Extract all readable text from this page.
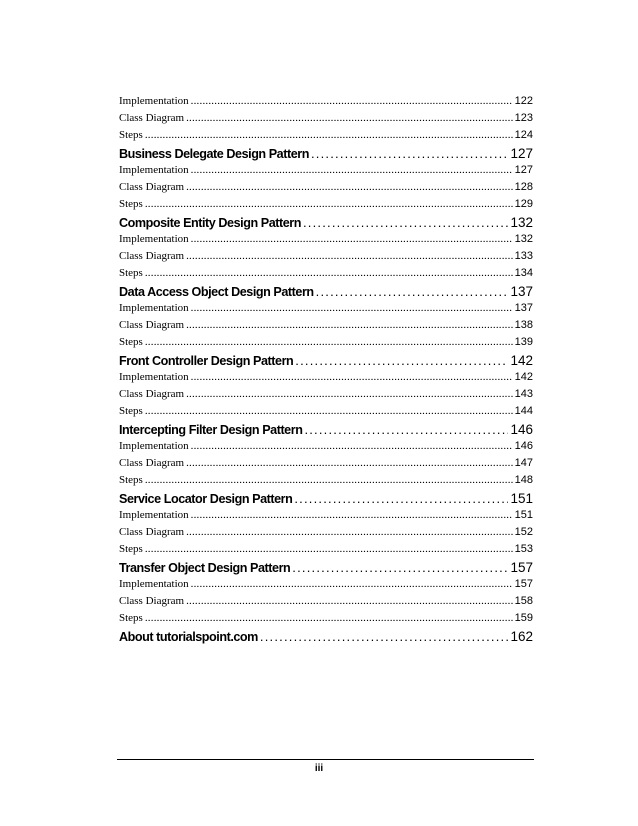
Implementation .....	122
Class Diagram .....	123
Steps .....	124
Business Delegate Design Pattern .....	127
Implementation .....	127
Class Diagram .....	128
Steps .....	129
Composite Entity Design Pattern .....	132
Implementation .....	132
Class Diagram .....	133
Steps .....	134
Data Access Object Design Pattern .....	137
Implementation .....	137
Class Diagram .....	138
Steps .....	139
Front Controller Design Pattern .....	142
Implementation .....	142
Class Diagram .....	143
Steps .....	144
Intercepting Filter Design Pattern .....	146
Implementation .....	146
Class Diagram .....	147
Steps .....	148
Service Locator Design Pattern .....	151
Implementation .....	151
Class Diagram .....	152
Steps .....	153
Transfer Object Design Pattern .....	157
Implementation .....	157
Class Diagram .....	158
Steps .....	159
About tutorialspoint.com .....	162
iii
